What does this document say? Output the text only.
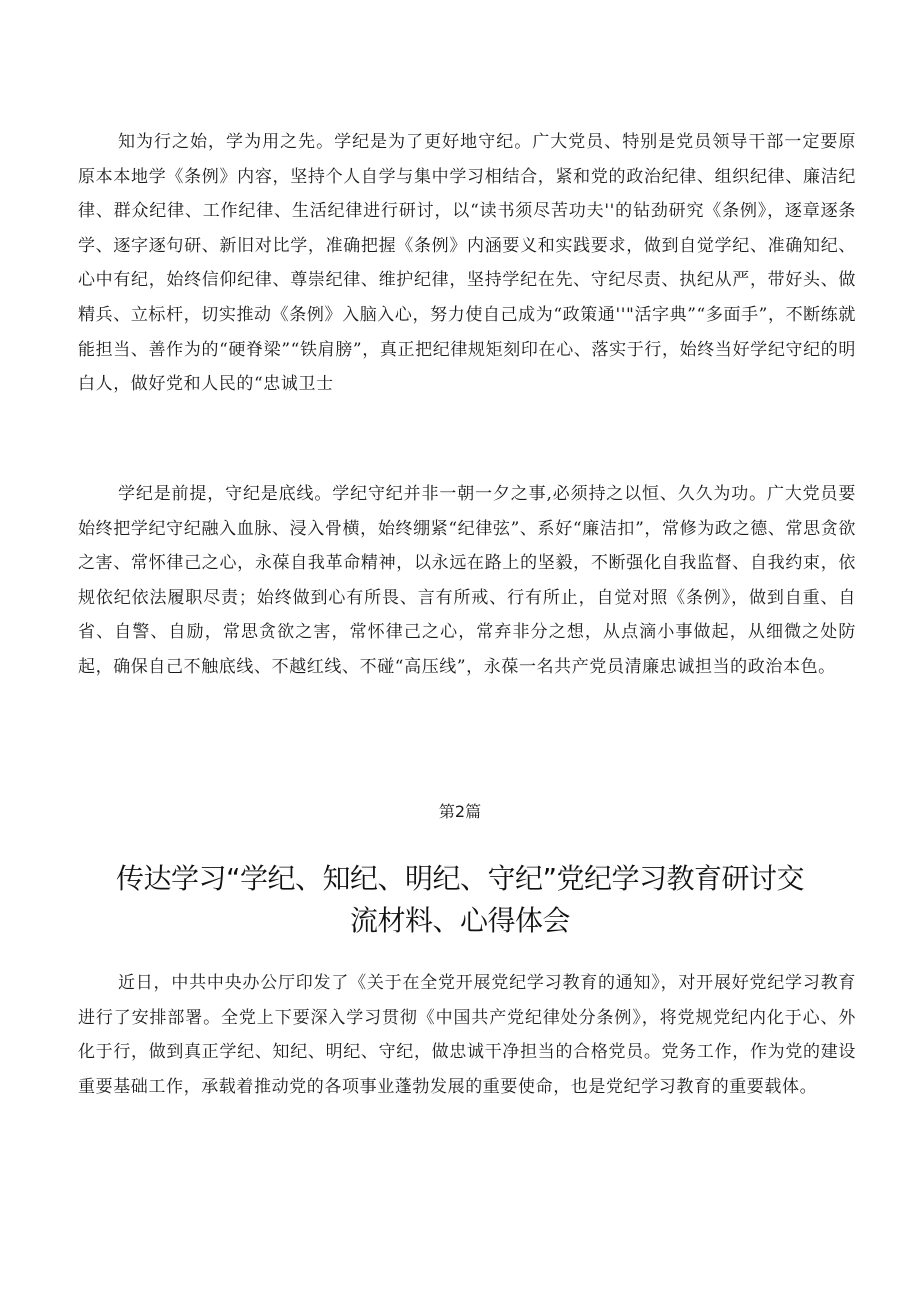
知为行之始，学为用之先。学纪是为了更好地守纪。广大党员、特别是党员领导干部一定要原原本本地学《条例》内容，坚持个人自学与集中学习相结合，紧和党的政治纪律、组织纪律、廉洁纪律、群众纪律、工作纪律、生活纪律进行研讨，以“读书须尽苦功夫''的钻劲研究《条例》，逐章逐条学、逐字逐句研、新旧对比学，准确把握《条例》内涵要义和实践要求，做到自觉学纪、准确知纪、心中有纪，始终信仰纪律、尊崇纪律、维护纪律，坚持学纪在先、守纪尽责、执纪从严，带好头、做精兵、立标杆，切实推动《条例》入脑入心，努力使自己成为“政策通''"活字典”“多面手”，不断练就能担当、善作为的“硬脊梁”“铁肩膀”，真正把纪律规矩刻印在心、落实于行，始终当好学纪守纪的明白人，做好党和人民的“忠诚卫士

学纪是前提，守纪是底线。学纪守纪并非一朝一夕之事,必须持之以恒、久久为功。广大党员要始终把学纪守纪融入血脉、浸入骨横，始终绷紧“纪律弦”、系好“廉洁扣”，常修为政之德、常思贪欲之害、常怀律己之心，永葆自我革命精神，以永远在路上的坚毅，不断强化自我监督、自我约束，依规依纪依法履职尽责；始终做到心有所畏、言有所戒、行有所止，自觉对照《条例》，做到自重、自省、自警、自励，常思贪欲之害，常怀律己之心，常弃非分之想，从点滴小事做起，从细微之处防起，确保自己不触底线、不越红线、不碰“高压线”，永葆一名共产党员清廉忠诚担当的政治本色。

第2篇
传达学习“学纪、知纪、明纪、守纪”党纪学习教育研讨交流材料、心得体会

近日，中共中央办公厅印发了《关于在全党开展党纪学习教育的通知》，对开展好党纪学习教育进行了安排部署。全党上下要深入学习贯彻《中国共产党纪律处分条例》，将党规党纪内化于心、外化于行，做到真正学纪、知纪、明纪、守纪，做忠诚干净担当的合格党员。党务工作，作为党的建设重要基础工作，承载着推动党的各项事业蓬勃发展的重要使命，也是党纪学习教育的重要载体。
